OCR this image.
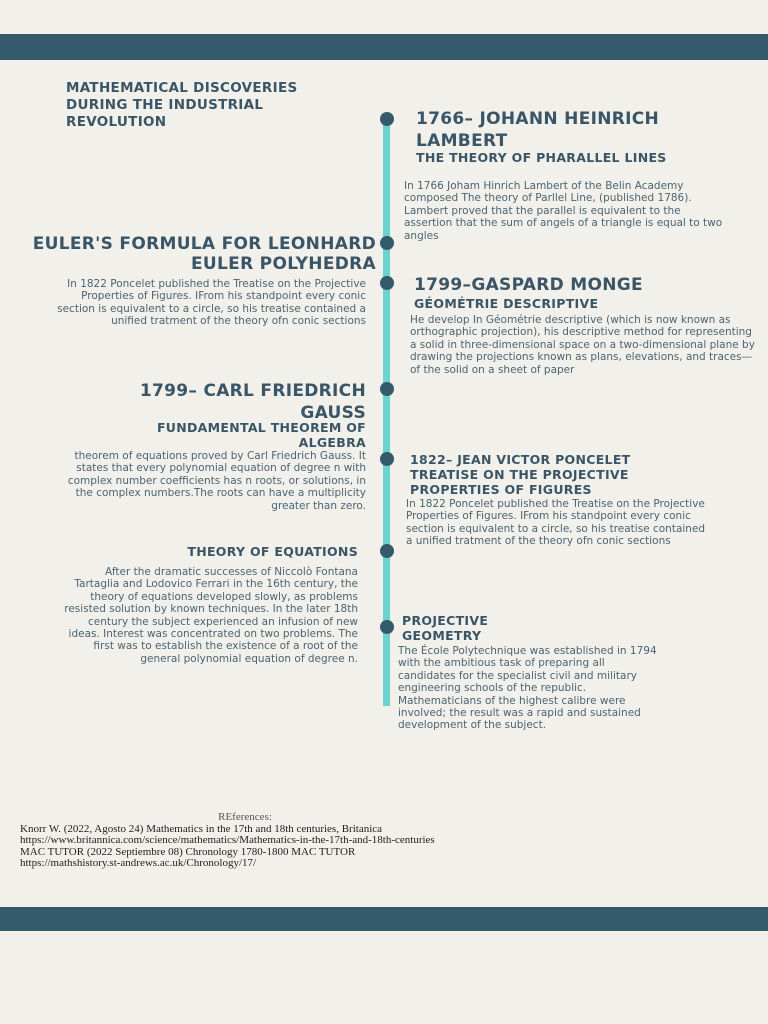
MATHEMATICAL DISCOVERIES DURING THE INDUSTRIAL REVOLUTION	1766– JOHANN HEINRICH LAMBERT
THE THEORY OF PHARALLEL LINES
In 1766 Joham Hinrich Lambert of the Belin Academy composed The theory of Parllel Line, (published 1786). Lambert proved that the parallel is equivalent to the assertion that the sum of angels of a triangle is equal to two angles
1799–GASPARD MONGE
GÉOMÉTRIE DESCRIPTIVE
He develop In Géométrie descriptive (which is now known as orthographic projection), his descriptive method for representing a solid in three-dimensional space on a two-dimensional plane by drawing the projections known as plans, elevations, and traces—of the solid on a sheet of paper
1822– JEAN VICTOR PONCELET TREATISE ON THE PROJECTIVE PROPERTIES OF FIGURES
In 1822 Poncelet published the Treatise on the Projective Properties of Figures. IFrom his standpoint every conic section is equivalent to a circle, so his treatise contained a unified tratment of the theory ofn conic sections
PROJECTIVE GEOMETRY
The École Polytechnique was established in 1794 with the ambitious task of preparing all candidates for the specialist civil and military engineering schools of the republic. Mathematicians of the highest calibre were involved; the result was a rapid and sustained development of the subject.
EULER'S FORMULA FOR LEONHARD EULER POLYHEDRA
In 1822 Poncelet published the Treatise on the Projective Properties of Figures. IFrom his standpoint every conic section is equivalent to a circle, so his treatise contained a unified tratment of the theory ofn conic sections
1799– CARL FRIEDRICH GAUSS
FUNDAMENTAL THEOREM OF ALGEBRA
theorem of equations proved by Carl Friedrich Gauss. It states that every polynomial equation of degree n with complex number coefficients has n roots, or solutions, in the complex numbers.The roots can have a multiplicity greater than zero.
THEORY OF EQUATIONS
After the dramatic successes of Niccolò Fontana Tartaglia and Lodovico Ferrari in the 16th century, the theory of equations developed slowly, as problems resisted solution by known techniques. In the later 18th century the subject experienced an infusion of new ideas. Interest was concentrated on two problems. The first was to establish the existence of a root of the general polynomial equation of degree n.
REferences:
Knorr W. (2022, Agosto 24) Mathematics in the 17th and 18th centuries, Britanica
https://www.britannica.com/science/mathematics/Mathematics-in-the-17th-and-18th-centuries
MAC TUTOR (2022 Septiembre 08) Chronology 1780-1800 MAC TUTOR https://mathshistory.st-andrews.ac.uk/Chronology/17/
